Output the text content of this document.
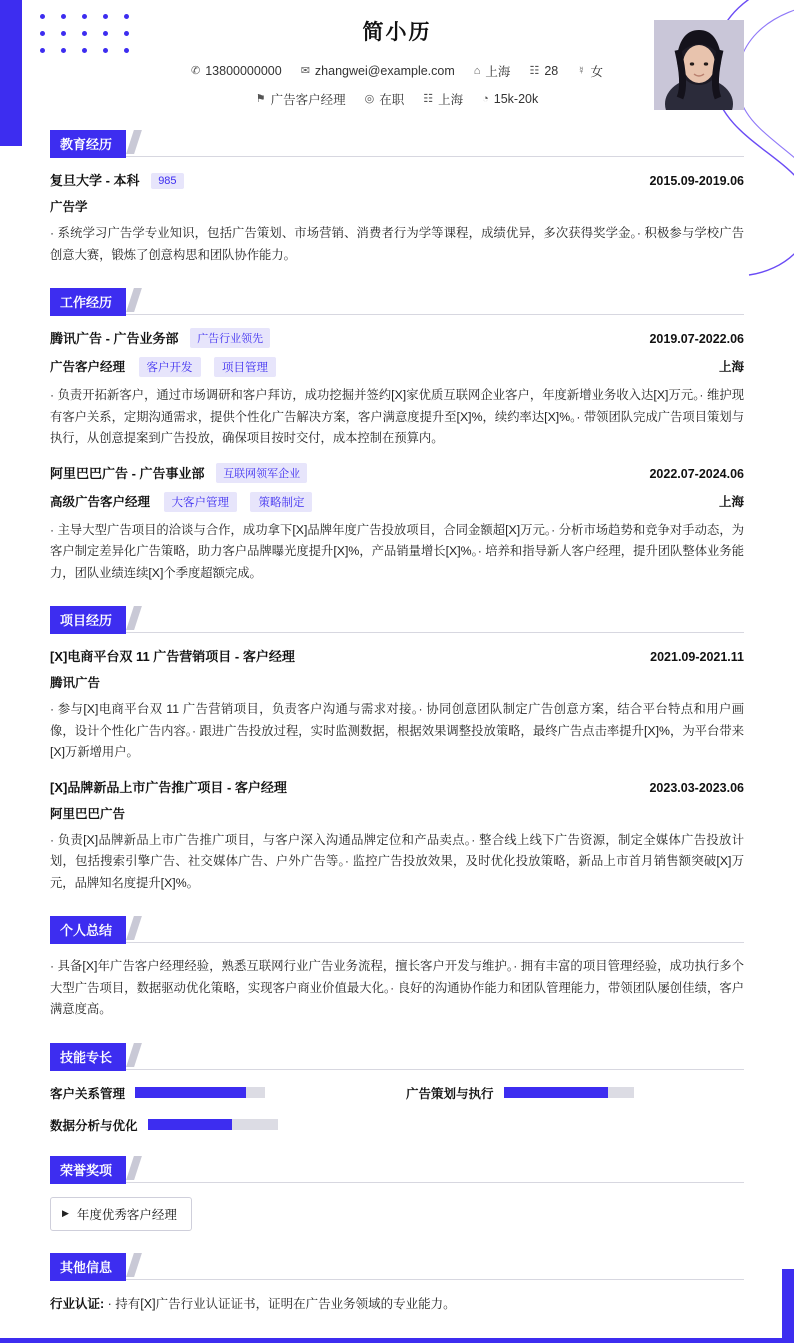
简小历
✆ 13800000000 ✉ zhangwei@example.com ⌂ 上海 ☷ 28 ☿ 女
⚑ 广告客户经理 ◎ 在职 ☷ 上海 ◔ 15k-20k
教育经历
复旦大学 - 本科 985	2015.09-2019.06
广告学
· 系统学习广告学专业知识，包括广告策划、市场营销、消费者行为学等课程，成绩优异，多次获得奖学金。· 积极参与学校广告创意大赛，锻炼了创意构思和团队协作能力。
工作经历
腾讯广告 - 广告业务部 广告行业领先	2019.07-2022.06
广告客户经理 客户开发	项目管理	上海
· 负责开拓新客户，通过市场调研和客户拜访，成功挖掘并签约[X]家优质互联网企业客户，年度新增业务收入达[X]万元。· 维护现有客户关系，定期沟通需求，提供个性化广告解决方案，客户满意度提升至[X]%，续约率达[X]%。· 带领团队完成广告项目策划与执行，从创意提案到广告投放，确保项目按时交付，成本控制在预算内。
阿里巴巴广告 - 广告事业部 互联网领军企业	2022.07-2024.06
高级广告客户经理 大客户管理	策略制定	上海
· 主导大型广告项目的洽谈与合作，成功拿下[X]品牌年度广告投放项目，合同金额超[X]万元。· 分析市场趋势和竞争对手动态，为客户制定差异化广告策略，助力客户品牌曝光度提升[X]%，产品销量增长[X]%。· 培养和指导新人客户经理，提升团队整体业务能力，团队业绩连续[X]个季度超额完成。
项目经历
[X]电商平台双 11 广告营销项目 - 客户经理	2021.09-2021.11
腾讯广告
· 参与[X]电商平台双 11 广告营销项目，负责客户沟通与需求对接。· 协同创意团队制定广告创意方案，结合平台特点和用户画像，设计个性化广告内容。· 跟进广告投放过程，实时监测数据，根据效果调整投放策略，最终广告点击率提升[X]%，为平台带来[X]万新增用户。
[X]品牌新品上市广告推广项目 - 客户经理	2023.03-2023.06
阿里巴巴广告
· 负责[X]品牌新品上市广告推广项目，与客户深入沟通品牌定位和产品卖点。· 整合线上线下广告资源，制定全媒体广告投放计划，包括搜索引擎广告、社交媒体广告、户外广告等。· 监控广告投放效果，及时优化投放策略，新品上市首月销售额突破[X]万元，品牌知名度提升[X]%。
个人总结
· 具备[X]年广告客户经理经验，熟悉互联网行业广告业务流程，擅长客户开发与维护。· 拥有丰富的项目管理经验，成功执行多个大型广告项目，数据驱动优化策略，实现客户商业价值最大化。· 良好的沟通协作能力和团队管理能力，带领团队屡创佳绩，客户满意度高。
技能专长
客户关系管理	广告策划与执行
数据分析与优化
荣誉奖项
▶ 年度优秀客户经理
其他信息
行业认证: · 持有[X]广告行业认证证书，证明在广告业务领域的专业能力。
